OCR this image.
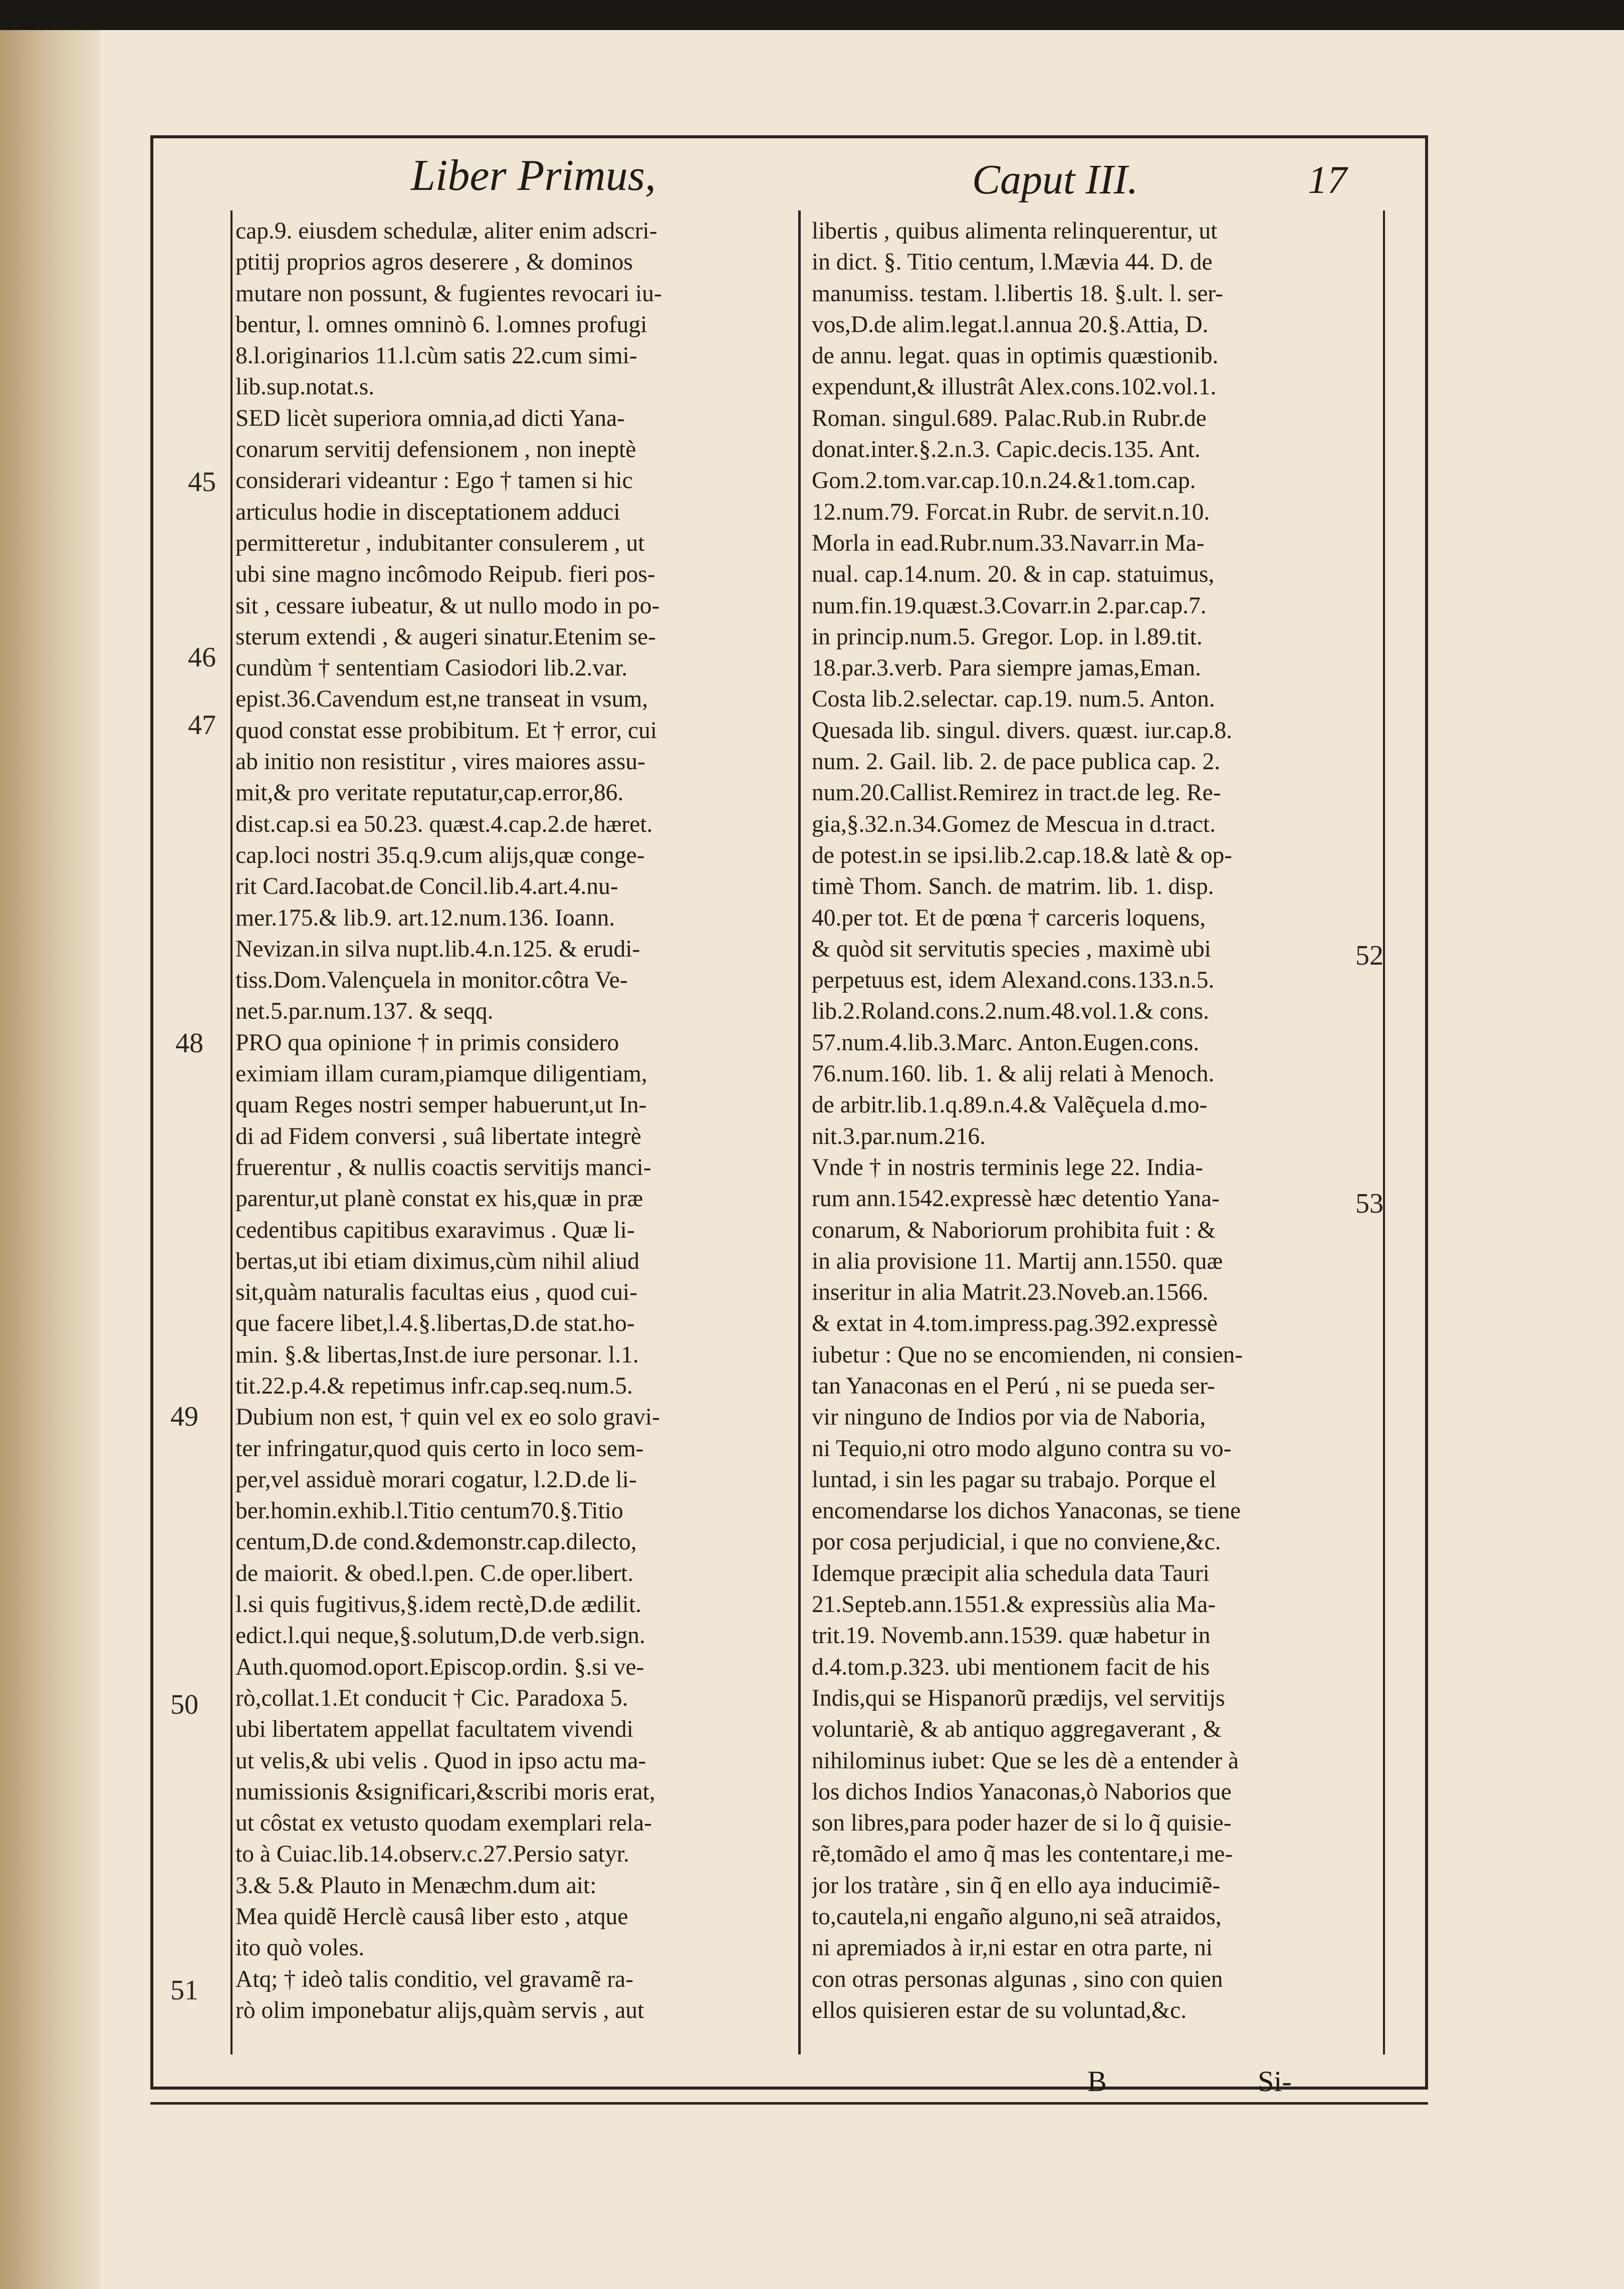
Liber Primus,	Caput III.	17
cap.9. eiusdem schedulæ, aliter enim adscri-
ptitij proprios agros deserere , & dominos
mutare non possunt, & fugientes revocari iu-
bentur, l. omnes omninò 6. l.omnes profugi
8.l.originarios 11.l.cùm satis 22.cum simi-
lib.sup.notat.s.
SED licèt superiora omnia,ad dicti Yana-
conarum servitij defensionem , non ineptè
considerari videantur : Ego † tamen si hic
articulus hodie in disceptationem adduci
permitteretur , indubitanter consulerem , ut
ubi sine magno incômodo Reipub. fieri pos-
sit , cessare iubeatur, & ut nullo modo in po-
sterum extendi , & augeri sinatur.Etenim se-
cundùm † sententiam Casiodori lib.2.var.
epist.36.Cavendum est,ne transeat in vsum,
quod constat esse probibitum. Et † error, cui
ab initio non resistitur , vires maiores assu-
mit,& pro veritate reputatur,cap.error,86.
dist.cap.si ea 50.23. quæst.4.cap.2.de hæret.
cap.loci nostri 35.q.9.cum alijs,quæ conge-
rit Card.Iacobat.de Concil.lib.4.art.4.nu-
mer.175.& lib.9. art.12.num.136. Ioann.
Nevizan.in silva nupt.lib.4.n.125. & erudi-
tiss.Dom.Valençuela in monitor.côtra Ve-
net.5.par.num.137. & seqq.
PRO qua opinione † in primis considero
eximiam illam curam,piamque diligentiam,
quam Reges nostri semper habuerunt,ut In-
di ad Fidem conversi , suâ libertate integrè
fruerentur , & nullis coactis servitijs manci-
parentur,ut planè constat ex his,quæ in præ
cedentibus capitibus exaravimus . Quæ li-
bertas,ut ibi etiam diximus,cùm nihil aliud
sit,quàm naturalis facultas eius , quod cui-
que facere libet,l.4.§.libertas,D.de stat.ho-
min. §.& libertas,Inst.de iure personar. l.1.
tit.22.p.4.& repetimus infr.cap.seq.num.5.
Dubium non est, † quin vel ex eo solo gravi-
ter infringatur,quod quis certo in loco sem-
per,vel assiduè morari cogatur, l.2.D.de li-
ber.homin.exhib.l.Titio centum70.§.Titio
centum,D.de cond.&demonstr.cap.dilecto,
de maiorit. & obed.l.pen. C.de oper.libert.
l.si quis fugitivus,§.idem rectè,D.de ædilit.
edict.l.qui neque,§.solutum,D.de verb.sign.
Auth.quomod.oport.Episcop.ordin. §.si ve-
rò,collat.1.Et conducit † Cic. Paradoxa 5.
ubi libertatem appellat facultatem vivendi
ut velis,& ubi velis . Quod in ipso actu ma-
numissionis &significari,&scribi moris erat,
ut côstat ex vetusto quodam exemplari rela-
to à Cuiac.lib.14.observ.c.27.Persio satyr.
3.& 5.& Plauto in Menæchm.dum ait:
Mea quidẽ Herclè causâ liber esto , atque
ito quò voles.
Atq; † ideò talis conditio, vel gravamẽ ra-
rò olim imponebatur alijs,quàm servis , aut
libertis , quibus alimenta relinquerentur, ut
in dict. §. Titio centum, l.Mævia 44. D. de
manumiss. testam. l.libertis 18. §.ult. l. ser-
vos,D.de alim.legat.l.annua 20.§.Attia, D.
de annu. legat. quas in optimis quæstionib.
expendunt,& illustrât Alex.cons.102.vol.1.
Roman. singul.689. Palac.Rub.in Rubr.de
donat.inter.§.2.n.3. Capic.decis.135. Ant.
Gom.2.tom.var.cap.10.n.24.&1.tom.cap.
12.num.79. Forcat.in Rubr. de servit.n.10.
Morla in ead.Rubr.num.33.Navarr.in Ma-
nual. cap.14.num. 20. & in cap. statuimus,
num.fin.19.quæst.3.Covarr.in 2.par.cap.7.
in princip.num.5. Gregor. Lop. in l.89.tit.
18.par.3.verb. Para siempre jamas,Eman.
Costa lib.2.selectar. cap.19. num.5. Anton.
Quesada lib. singul. divers. quæst. iur.cap.8.
num. 2. Gail. lib. 2. de pace publica cap. 2.
num.20.Callist.Remirez in tract.de leg. Re-
gia,§.32.n.34.Gomez de Mescua in d.tract.
de potest.in se ipsi.lib.2.cap.18.& latè & op-
timè Thom. Sanch. de matrim. lib. 1. disp.
40.per tot. Et de pœna † carceris loquens,
& quòd sit servitutis species , maximè ubi
perpetuus est, idem Alexand.cons.133.n.5.
lib.2.Roland.cons.2.num.48.vol.1.& cons.
57.num.4.lib.3.Marc. Anton.Eugen.cons.
76.num.160. lib. 1. & alij relati à Menoch.
de arbitr.lib.1.q.89.n.4.& Valẽçuela d.mo-
nit.3.par.num.216.
Vnde † in nostris terminis lege 22. India-
rum ann.1542.expressè hæc detentio Yana-
conarum, & Naboriorum prohibita fuit : &
in alia provisione 11. Martij ann.1550. quæ
inseritur in alia Matrit.23.Noveb.an.1566.
& extat in 4.tom.impress.pag.392.expressè
iubetur : Que no se encomienden, ni consien-
tan Yanaconas en el Perú , ni se pueda ser-
vir ninguno de Indios por via de Naboria,
ni Tequio,ni otro modo alguno contra su vo-
luntad, i sin les pagar su trabajo. Porque el
encomendarse los dichos Yanaconas, se tiene
por cosa perjudicial, i que no conviene,&c.
Idemque præcipit alia schedula data Tauri
21.Septeb.ann.1551.& expressiùs alia Ma-
trit.19. Novemb.ann.1539. quæ habetur in
d.4.tom.p.323. ubi mentionem facit de his
Indis,qui se Hispanorũ prædijs, vel servitijs
voluntariè, & ab antiquo aggregaverant , &
nihilominus iubet: Que se les dè a entender à
los dichos Indios Yanaconas,ò Naborios que
son libres,para poder hazer de si lo q̃ quisie-
rẽ,tomãdo el amo q̃ mas les contentare,i me-
jor los tratàre , sin q̃ en ello aya inducimiẽ-
to,cautela,ni engaño alguno,ni seã atraidos,
ni apremiados à ir,ni estar en otra parte, ni
con otras personas algunas , sino con quien
ellos quisieren estar de su voluntad,&c.
45
46
47
48
49
50
51
52
53
B	Si-
